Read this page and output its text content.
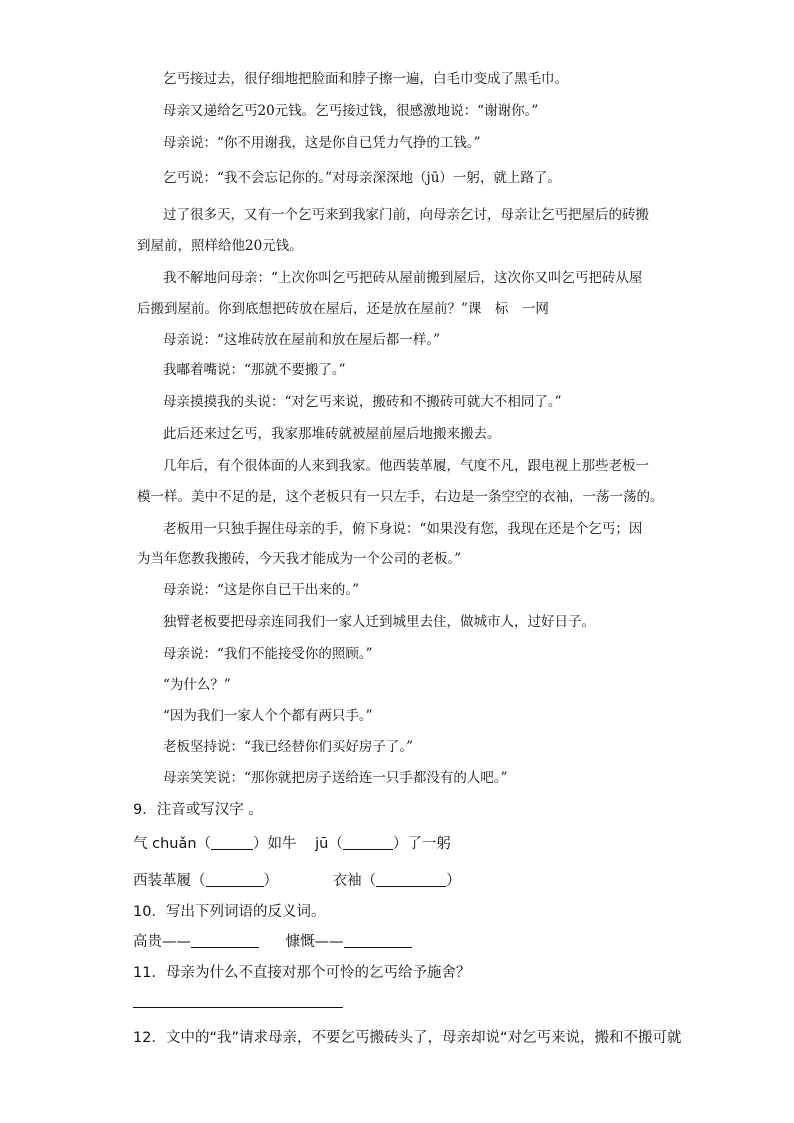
乞丐接过去，很仔细地把脸面和脖子擦一遍，白毛巾变成了黑毛巾。
母亲又递给乞丐20元钱。乞丐接过钱，很感激地说：“谢谢你。”
母亲说：“你不用谢我，这是你自已凭力气挣的工钱。”
乞丐说：“我不会忘记你的。”对母亲深深地（jū）一躬，就上路了。
过了很多天，又有一个乞丐来到我家门前，向母亲乞讨，母亲让乞丐把屋后的砖搬
到屋前，照样给他20元钱。
我不解地问母亲：“上次你叫乞丐把砖从屋前搬到屋后，这次你又叫乞丐把砖从屋
后搬到屋前。你到底想把砖放在屋后，还是放在屋前？”课　标　一网
母亲说：“这堆砖放在屋前和放在屋后都一样。”
我嘟着嘴说：“那就不要搬了。”
母亲摸摸我的头说：“对乞丐来说，搬砖和不搬砖可就大不相同了。”
此后还来过乞丐，我家那堆砖就被屋前屋后地搬来搬去。
几年后，有个很体面的人来到我家。他西装革履，气度不凡，跟电视上那些老板一
模一样。美中不足的是，这个老板只有一只左手，右边是一条空空的衣袖，一荡一荡的。
老板用一只独手握住母亲的手，俯下身说：“如果没有您，我现在还是个乞丐；因
为当年您教我搬砖，今天我才能成为一个公司的老板。”
母亲说：“这是你自已干出来的。”
独臂老板要把母亲连同我们一家人迁到城里去住，做城市人，过好日子。
母亲说：“我们不能接受你的照顾。”
“为什么？”
“因为我们一家人个个都有两只手。”
老板坚持说：“我已经替你们买好房子了。”
母亲笑笑说：“那你就把房子送给连一只手都没有的人吧。”
9．注音或写汉字 。
气 chuǎn（	）如牛 jū（	）了一躬
西装革履（	）	衣袖（	）
10．写出下列词语的反义词。
高贵——	慷慨——
11．母亲为什么不直接对那个可怜的乞丐给予施舍？
12．文中的“我”请求母亲，不要乞丐搬砖头了，母亲却说“对乞丐来说，搬和不搬可就
